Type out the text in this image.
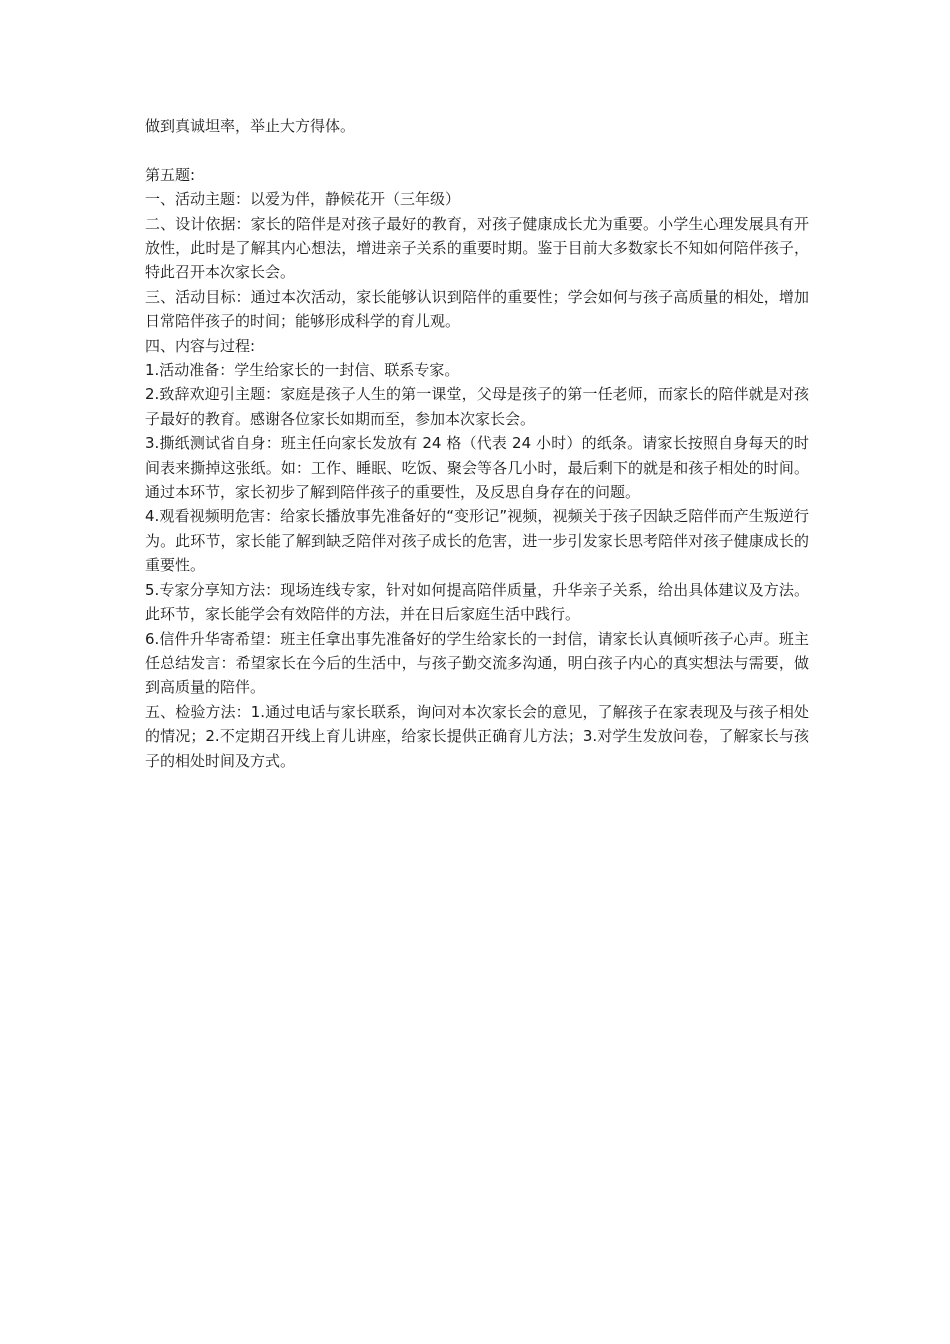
做到真诚坦率，举止大方得体。

第五题:

一、活动主题：以爱为伴，静候花开（三年级）

二、设计依据：家长的陪伴是对孩子最好的教育，对孩子健康成长尤为重要。小学生心理发展具有开放性，此时是了解其内心想法，增进亲子关系的重要时期。鉴于目前大多数家长不知如何陪伴孩子，特此召开本次家长会。

三、活动目标：通过本次活动，家长能够认识到陪伴的重要性；学会如何与孩子高质量的相处，增加日常陪伴孩子的时间；能够形成科学的育儿观。

四、内容与过程:

1.活动准备：学生给家长的一封信、联系专家。

2.致辞欢迎引主题：家庭是孩子人生的第一课堂，父母是孩子的第一任老师，而家长的陪伴就是对孩子最好的教育。感谢各位家长如期而至，参加本次家长会。

3.撕纸测试省自身：班主任向家长发放有 24 格（代表 24 小时）的纸条。请家长按照自身每天的时间表来撕掉这张纸。如：工作、睡眠、吃饭、聚会等各几小时，最后剩下的就是和孩子相处的时间。通过本环节，家长初步了解到陪伴孩子的重要性，及反思自身存在的问题。

4.观看视频明危害：给家长播放事先准备好的“变形记”视频，视频关于孩子因缺乏陪伴而产生叛逆行为。此环节，家长能了解到缺乏陪伴对孩子成长的危害，进一步引发家长思考陪伴对孩子健康成长的重要性。

5.专家分享知方法：现场连线专家，针对如何提高陪伴质量，升华亲子关系，给出具体建议及方法。此环节，家长能学会有效陪伴的方法，并在日后家庭生活中践行。

6.信件升华寄希望：班主任拿出事先准备好的学生给家长的一封信，请家长认真倾听孩子心声。班主任总结发言：希望家长在今后的生活中，与孩子勤交流多沟通，明白孩子内心的真实想法与需要，做到高质量的陪伴。

五、检验方法：1.通过电话与家长联系，询问对本次家长会的意见，了解孩子在家表现及与孩子相处的情况；2.不定期召开线上育儿讲座，给家长提供正确育儿方法；3.对学生发放问卷，了解家长与孩子的相处时间及方式。
